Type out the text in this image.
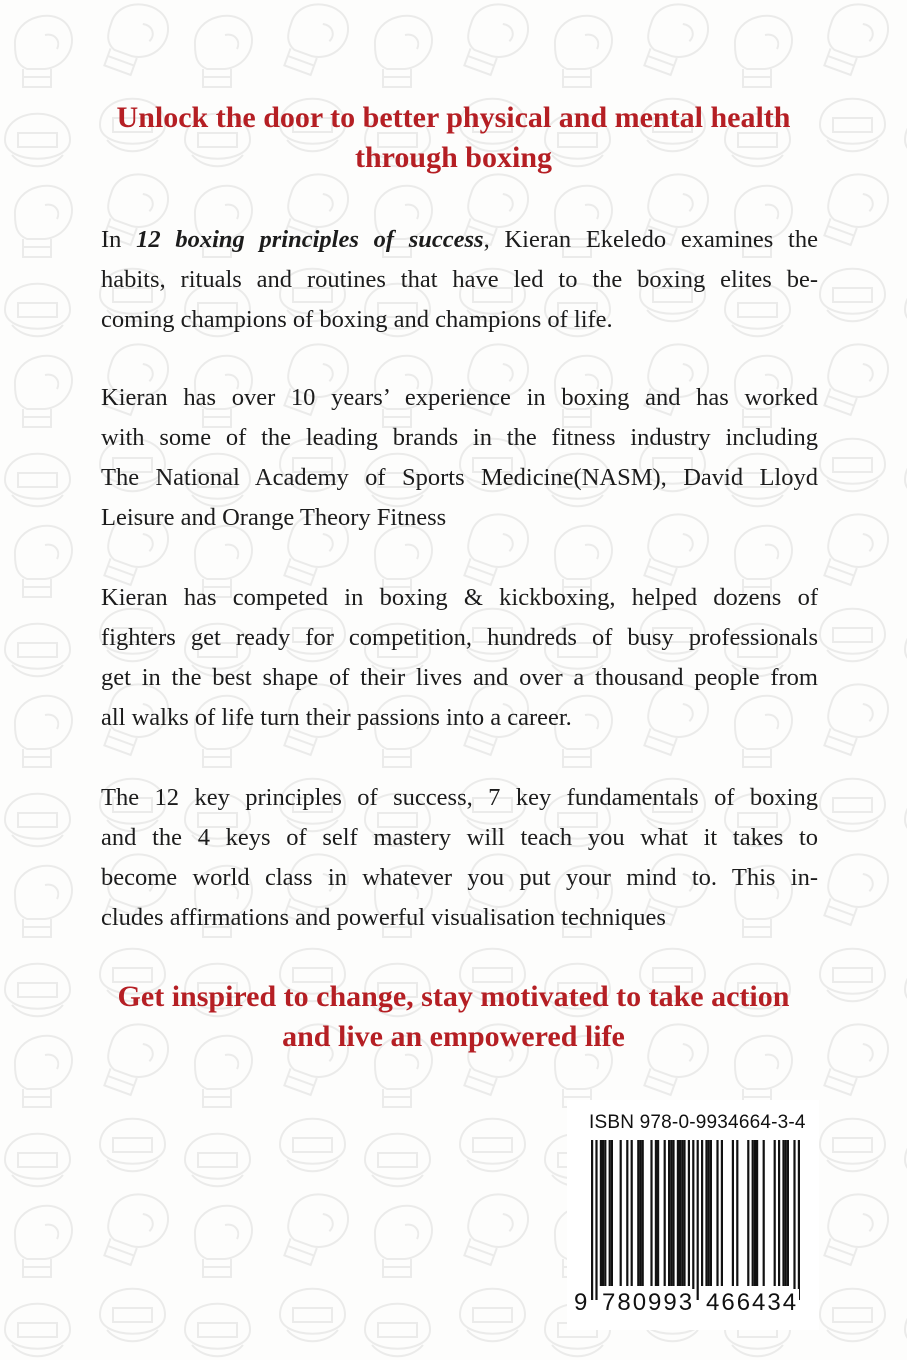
Unlock the door to better physical and mental health
through boxing
In 12 boxing principles of success, Kieran Ekeledo examines the
habits, rituals and routines that have led to the boxing elites be-
coming champions of boxing and champions of life.
Kieran has over 10 years’ experience in boxing and has worked
with some of the leading brands in the fitness industry including
The National Academy of Sports Medicine(NASM), David Lloyd
Leisure and Orange Theory Fitness
Kieran has competed in boxing & kickboxing, helped dozens of
fighters get ready for competition, hundreds of busy professionals
get in the best shape of their lives and over a thousand people from
all walks of life turn their passions into a career.
The 12 key principles of success, 7 key fundamentals of boxing
and the 4 keys of self mastery will teach you what it takes to
become world class in whatever you put your mind to. This in-
cludes affirmations and powerful visualisation techniques
Get inspired to change, stay motivated to take action
and live an empowered life
ISBN 978-0-9934664-3-4
9 780993 466434
